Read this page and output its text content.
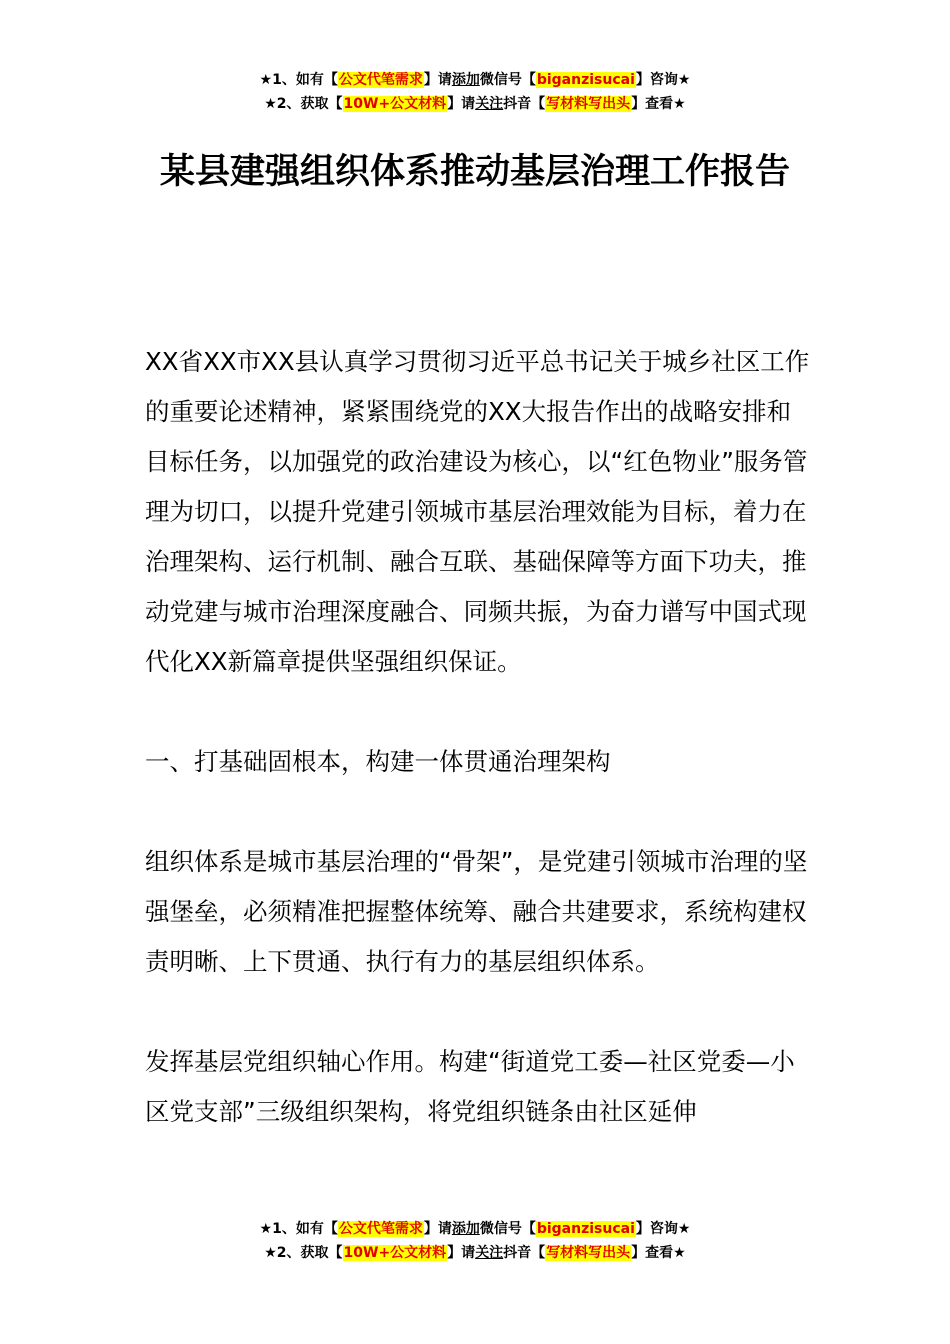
★1、如有【公文代笔需求】请添加微信号【biganzisucai】咨询★
★2、获取【10W+公文材料】请关注抖音【写材料写出头】查看★
某县建强组织体系推动基层治理工作报告

XX省XX市XX县认真学习贯彻习近平总书记关于城乡社区工作的重要论述精神，紧紧围绕党的XX大报告作出的战略安排和目标任务，以加强党的政治建设为核心，以“红色物业”服务管理为切口，以提升党建引领城市基层治理效能为目标，着力在治理架构、运行机制、融合互联、基础保障等方面下功夫，推动党建与城市治理深度融合、同频共振，为奋力谱写中国式现代化XX新篇章提供坚强组织保证。

一、打基础固根本，构建一体贯通治理架构

组织体系是城市基层治理的“骨架”，是党建引领城市治理的坚强堡垒，必须精准把握整体统筹、融合共建要求，系统构建权责明晰、上下贯通、执行有力的基层组织体系。

发挥基层党组织轴心作用。构建“街道党工委—社区党委—小区党支部”三级组织架构，将党组织链条由社区延伸

★1、如有【公文代笔需求】请添加微信号【biganzisucai】咨询★
★2、获取【10W+公文材料】请关注抖音【写材料写出头】查看★
